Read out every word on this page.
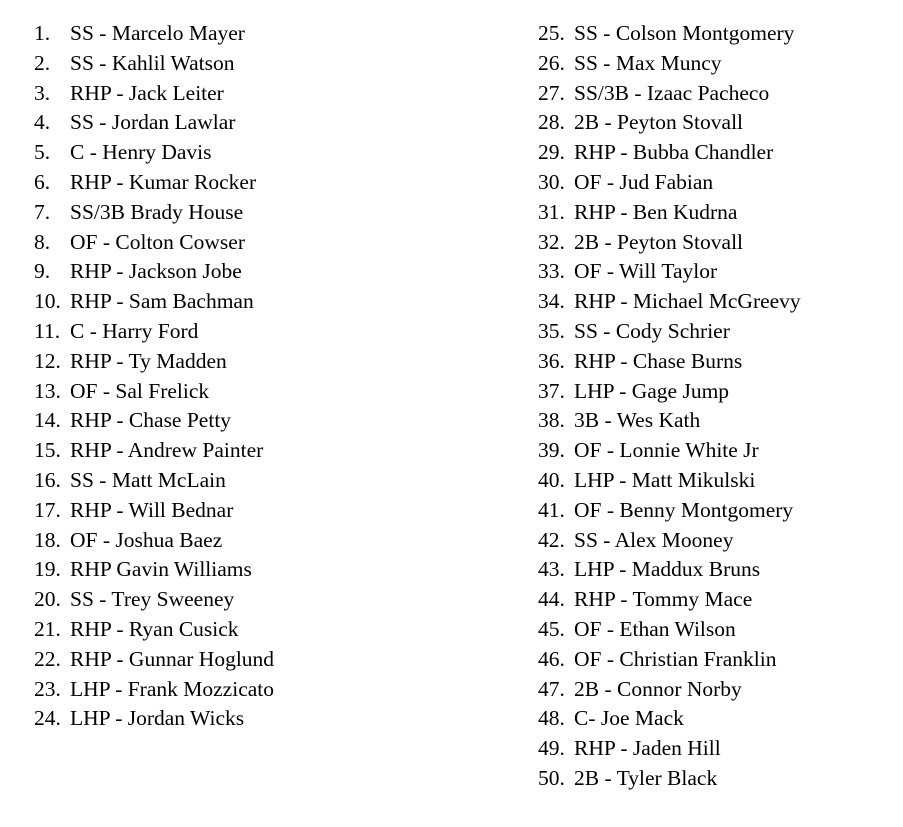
1. SS - Marcelo Mayer
2. SS - Kahlil Watson
3. RHP - Jack Leiter
4. SS - Jordan Lawlar
5. C - Henry Davis
6. RHP - Kumar Rocker
7. SS/3B Brady House
8. OF - Colton Cowser
9. RHP - Jackson Jobe
10. RHP - Sam Bachman
11. C - Harry Ford
12. RHP - Ty Madden
13. OF - Sal Frelick
14. RHP - Chase Petty
15. RHP - Andrew Painter
16. SS - Matt McLain
17. RHP - Will Bednar
18. OF - Joshua Baez
19. RHP Gavin Williams
20. SS - Trey Sweeney
21. RHP - Ryan Cusick
22. RHP - Gunnar Hoglund
23. LHP - Frank Mozzicato
24. LHP - Jordan Wicks
25. SS - Colson Montgomery
26. SS - Max Muncy
27. SS/3B - Izaac Pacheco
28. 2B - Peyton Stovall
29. RHP - Bubba Chandler
30. OF - Jud Fabian
31. RHP - Ben Kudrna
32. 2B - Peyton Stovall
33. OF - Will Taylor
34. RHP - Michael McGreevy
35. SS - Cody Schrier
36. RHP - Chase Burns
37. LHP - Gage Jump
38. 3B - Wes Kath
39. OF - Lonnie White Jr
40. LHP - Matt Mikulski
41. OF - Benny Montgomery
42. SS - Alex Mooney
43. LHP - Maddux Bruns
44. RHP - Tommy Mace
45. OF - Ethan Wilson
46. OF - Christian Franklin
47. 2B - Connor Norby
48. C- Joe Mack
49. RHP - Jaden Hill
50. 2B - Tyler Black
